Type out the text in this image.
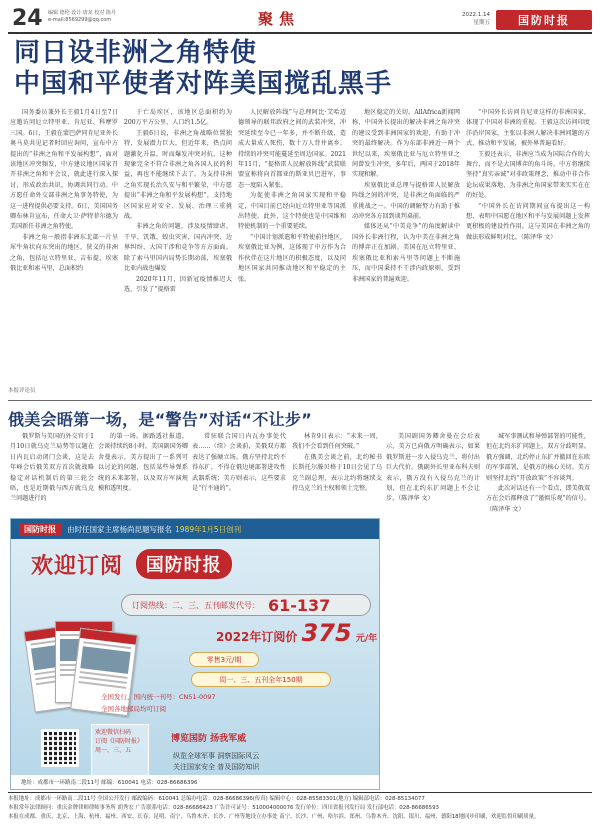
24 编辑 德伦 设计 唐龙 校对 陈丹
e-mail:8569299@qq.com	聚焦	2022.1.14
星期五	国防时报
同日设非洲之角特使
中国和平使者对阵美国搅乱黑手

国务委员兼外长王毅1月4日至7日应邀访问厄立特里亚、肯尼亚、科摩罗三国。6日，王毅在蒙巴萨同肯尼亚外长奥马莫共见记者时回应询问，宣布中方提出的“非洲之角和平发展构想”，面对该地区冲突频发，中方建议地区国家召开非洲之角和平会议，就此进行深入探讨，形成政治共识，协调共同行动。中方愿任命外交部非洲之角事务特使，为这一进程提供必要支持。6日，美国国务卿布林肯宣布，任命大卫·萨特菲尔德为美国新任非洲之角特使。

非洲之角一般指非洲东北部一片呈犀牛角状向东突出的地区，狭义的非洲之角，包括厄立特里亚、吉布提、埃塞俄比亚和索马里，总面积约

于亡岛埃区，该地区总面积约为200万平方公里，人口约1.5亿。

王毅6日说，非洲之角战略位置独特，发展潜力巨大，但近年来，热点问题激化升温，时而爆发冲突对抗，这种现象完全不符合非洲之角各国人民的利益，再也不能继续下去了。为支持非洲之角实现长治久安与和平繁荣，中方愿提出“非洲之角和平发展构想”，支持地区国家应对安全、发展、治理三重挑战。

非洲之角的问题，涉及疫情肆虐、干旱、饥饿、蝗虫灾害，国内冲突、边界纠纷、大国干涉和竞争等方方面面。除了索马里国内局势长期动荡，埃塞俄比亚内战也爆发

2020年11月，因新冠疫情推迟大选，引发了“提格雷

人民解放阵线”与总理阿比·艾哈迈德领导的联邦政府之间的武装冲突，冲突延续至今已一年多，并不断升级，造成大量成人死伤，数十万人背井离乡。持续的冲突可能蔓延至周边国家。2021年11月，“提格雷人民解放阵线”武装联盟宣称将向首都亚的斯亚贝巴进军，事态一度陷入紧张。

为促使非洲之角国家实现和平稳定，中国目前已经向厄立特里亚等国派出特使。此外，这个特使也是中国维和特使机制的一个重要延续。

“中国计划派遣和平特使前往地区，埃塞俄比亚为例，这体现了中方作为合作伙伴在这片地区的积极态度，以及同地区国家共同推动地区和平稳定的主张。

地区稳定的关切。AllAfrica新闻网称，中国外长提出的解决非洲之角冲突的建议受到非洲国家的欢迎，有助于冲突的最终解决。作为东部非洲近一两个世纪以来，埃塞俄比亚与厄立特里亚之间曾发生冲突，多年后，两国于2018年实现和解。

埃塞俄比亚总理与提格雷人民解放阵线之间的冲突，是非洲之角面临的严重挑战之一。中国的调解努力有助于推动冲突各方回到谈判桌前。

媒体还从“中美竞争”的角度解读中国外长非洲行程，认为中美在非洲之角的博弈正在加剧。美国在厄立特里亚、埃塞俄比亚和索马里等问题上不断施压，而中国秉持不干涉内政原则，受到非洲国家的普遍欢迎。

“中国外长访问肯尼亚这样的非洲国家，体现了中国对非洲的重视。王毅这次访问印度洋沿岸国家，主张以非洲人解决非洲问题的方式，推动和平发展，被外界普遍看好。

王毅还表示，非洲应当成为国际合作的大舞台，而不是大国博弈的角斗场。中方将继续坚持“真实亲诚”对非政策理念，推动中非合作论坛成果落地，为非洲之角国家带来实实在在的好处。

“中国外长在访问期间宣布提出这一构想，表明中国愿在地区和平与发展问题上发挥更积极的建设性作用。这与美国在非洲之角的做法形成鲜明对比。（陈泽华 文）

本报评论员
俄美会晤第一场，是“警告”对话“不让步”

俄罗斯与美国的外交官于1月10日就乌克兰局势等议题在日内瓦启动闭门会谈，这是去年峰会后俄美双方首次就战略稳定对话机制后的第三轮会晤，也是近期俄与西方就乌克兰问题进行的

的第一场。据路透社报道，会谈持续约8小时。美国副国务卿舍曼表示，美方提出了一系列可以讨论的问题，包括某些导弹系统的未来部署，以及双方军演规模和透明度。

常驻联合国日内瓦办事处代表……（续）会谈前，美俄双方都表达了强硬立场。俄方坚持北约不得东扩，不得在俄边境部署进攻性武器系统；美方则表示，这些要求是“行不通的”。

林肯9日表示：“未来一周，我们不会看到任何突破。”

在俄美会谈之前，北约秘书长斯托尔滕贝格于10日会见了乌克兰副总理，表示北约将继续支持乌克兰的主权和领土完整。

美国副国务卿舍曼在会后表示，美方已向俄方明确表示，如果俄罗斯进一步入侵乌克兰，将付出巨大代价。俄副外长里亚布科夫则表示，俄方没有入侵乌克兰的计划，但在北约东扩问题上不会让步。（陈泽华 文）

城军事测试和导弹部署的可能性，但在北约东扩问题上，双方分歧明显。俄方强调，北约停止东扩并撤回在东欧的军事部署，是俄方的核心关切。美方则坚持北约“开放政策”不容谈判。

此次对话还有一个看点，即美俄双方在会后都释放了“谨慎乐观”的信号。（陈泽华 文）

国防时报	由时任国家主席杨尚昆题写报名 1989年1月5日创刊
欢迎订阅 国防时报
订阅热线：二、三、五刊邮发代号： 61-137
2022年订阅价 375 元/年
零售3元/期
周一、三、五刊全年150期
全国发行，国内统一刊号：CN51-0097
全国各地邮局均可订阅
欢迎微信扫码
订阅《国防时报》
周一、三、五
博览国防 扬我军威
纵览全球军事 洞察国际风云
关注国家安全 普及国防知识
地址：成都市一环路南二段11号 邮编：610041 电话：028-86686396
本报地址：成都市一环路南二段11号 全国公开发行 邮政编码：610041 总编办电话：028-86686396(传真) 编辑中心：028-85583301(地方) 编辑部电话：028-85134077
本报常年法律顾问：重庆金牌律师律师事务所 胡秀宏 广告联系电话：028-86686423 广告许可证号：510004000076 发行单位：四川省报刊发行局 发行部电话：028-86686593
本报在成都、重庆、北京、上海、杭州、福州、西安、长春、昆明、南宁、乌鲁木齐、长沙、广州等地设立办事处 南宁、长沙、广州、哈尔滨、郑州、乌鲁木齐、沈阳、银川、福州、德阳18地同步印刷，欢迎监督印刷质量。
